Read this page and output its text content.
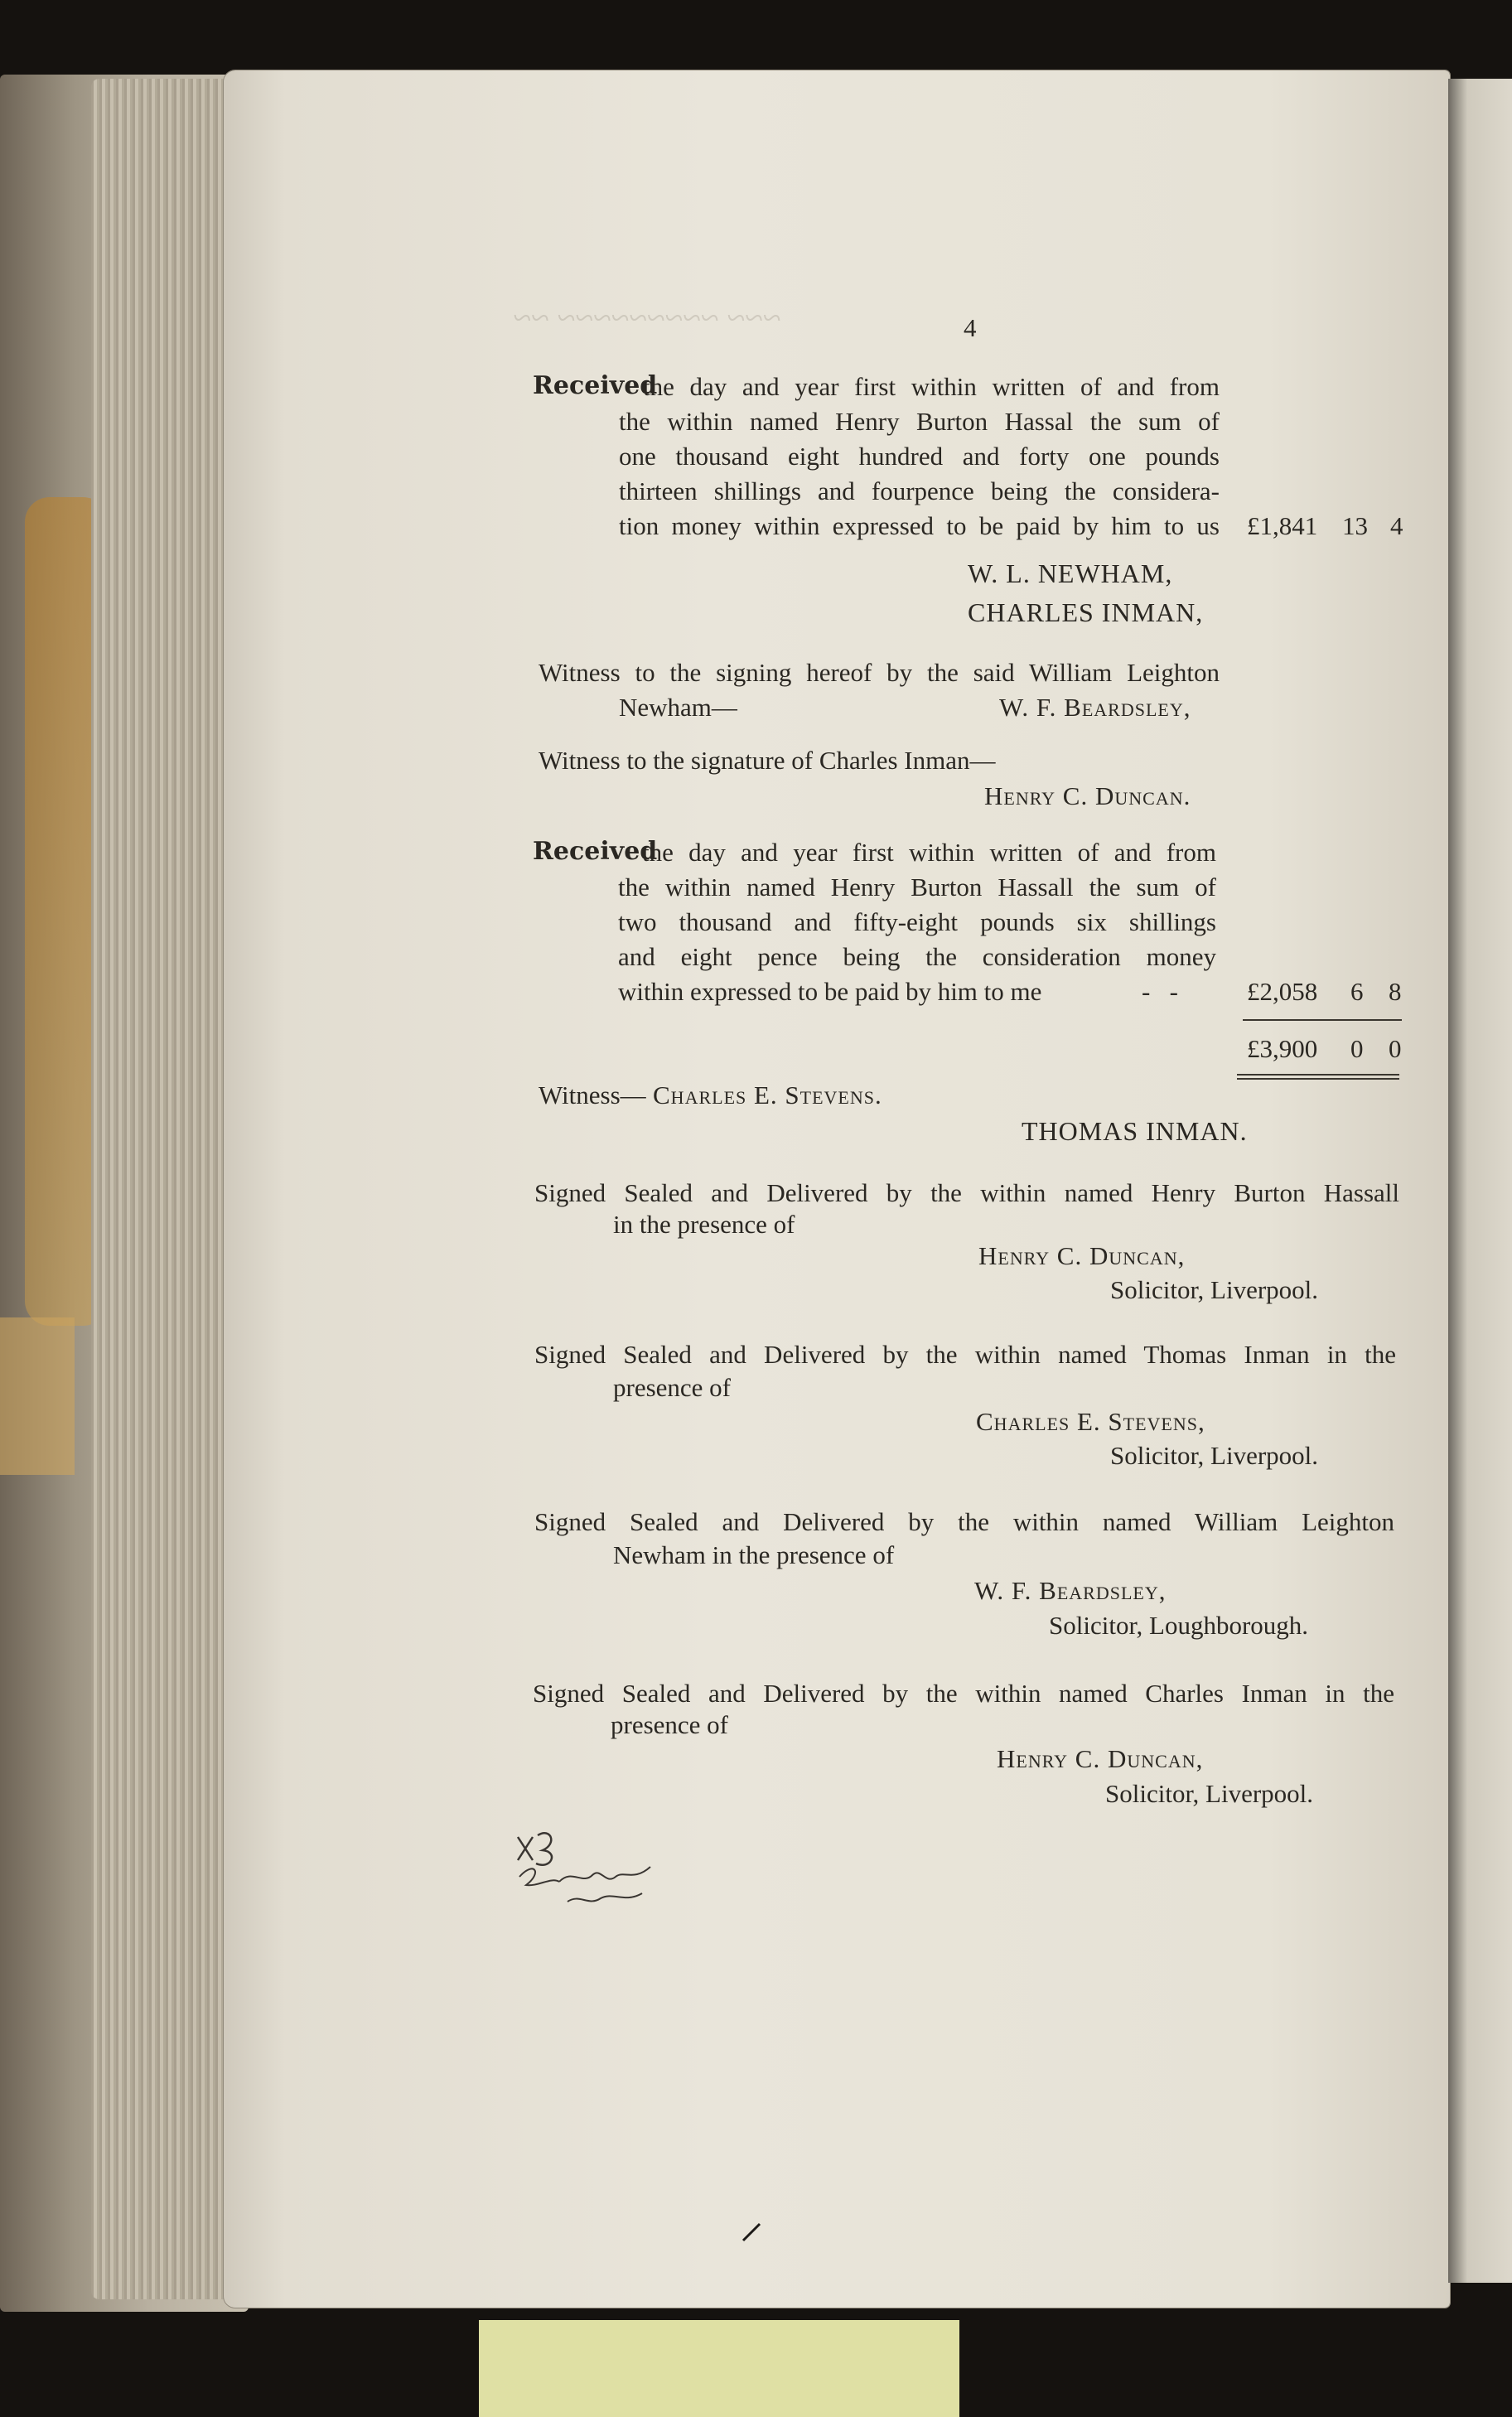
~~~ ~~~~~~~~~ ~~	4
Received
the day and year first within written of and from
the within named Henry Burton Hassal the sum of
one thousand eight hundred and forty one pounds
thirteen shillings and fourpence being the considera-
tion money within expressed to be paid by him to us £1,841 13 4
W. L. NEWHAM,
CHARLES INMAN,
Witness to the signing hereof by the said William Leighton
Newham—	W. F. Beardsley,
Witness to the signature of Charles Inman—
Henry C. Duncan.
Received
the day and year first within written of and from
the within named Henry Burton Hassall the sum of
two thousand and fifty-eight pounds six shillings
and eight pence being the consideration money
within expressed to be paid by him to me	-   -	£2,058 6 8
£3,900 0 0
Witness— Charles E. Stevens.
THOMAS INMAN.
Signed Sealed and Delivered by the within named Henry Burton Hassall
in the presence of
Henry C. Duncan,
Solicitor, Liverpool.
Signed Sealed and Delivered by the within named Thomas Inman in the
presence of
Charles E. Stevens,
Solicitor, Liverpool.
Signed Sealed and Delivered by the within named William Leighton
Newham in the presence of
W. F. Beardsley,
Solicitor, Loughborough.
Signed Sealed and Delivered by the within named Charles Inman in the
presence of
Henry C. Duncan,
Solicitor, Liverpool.
